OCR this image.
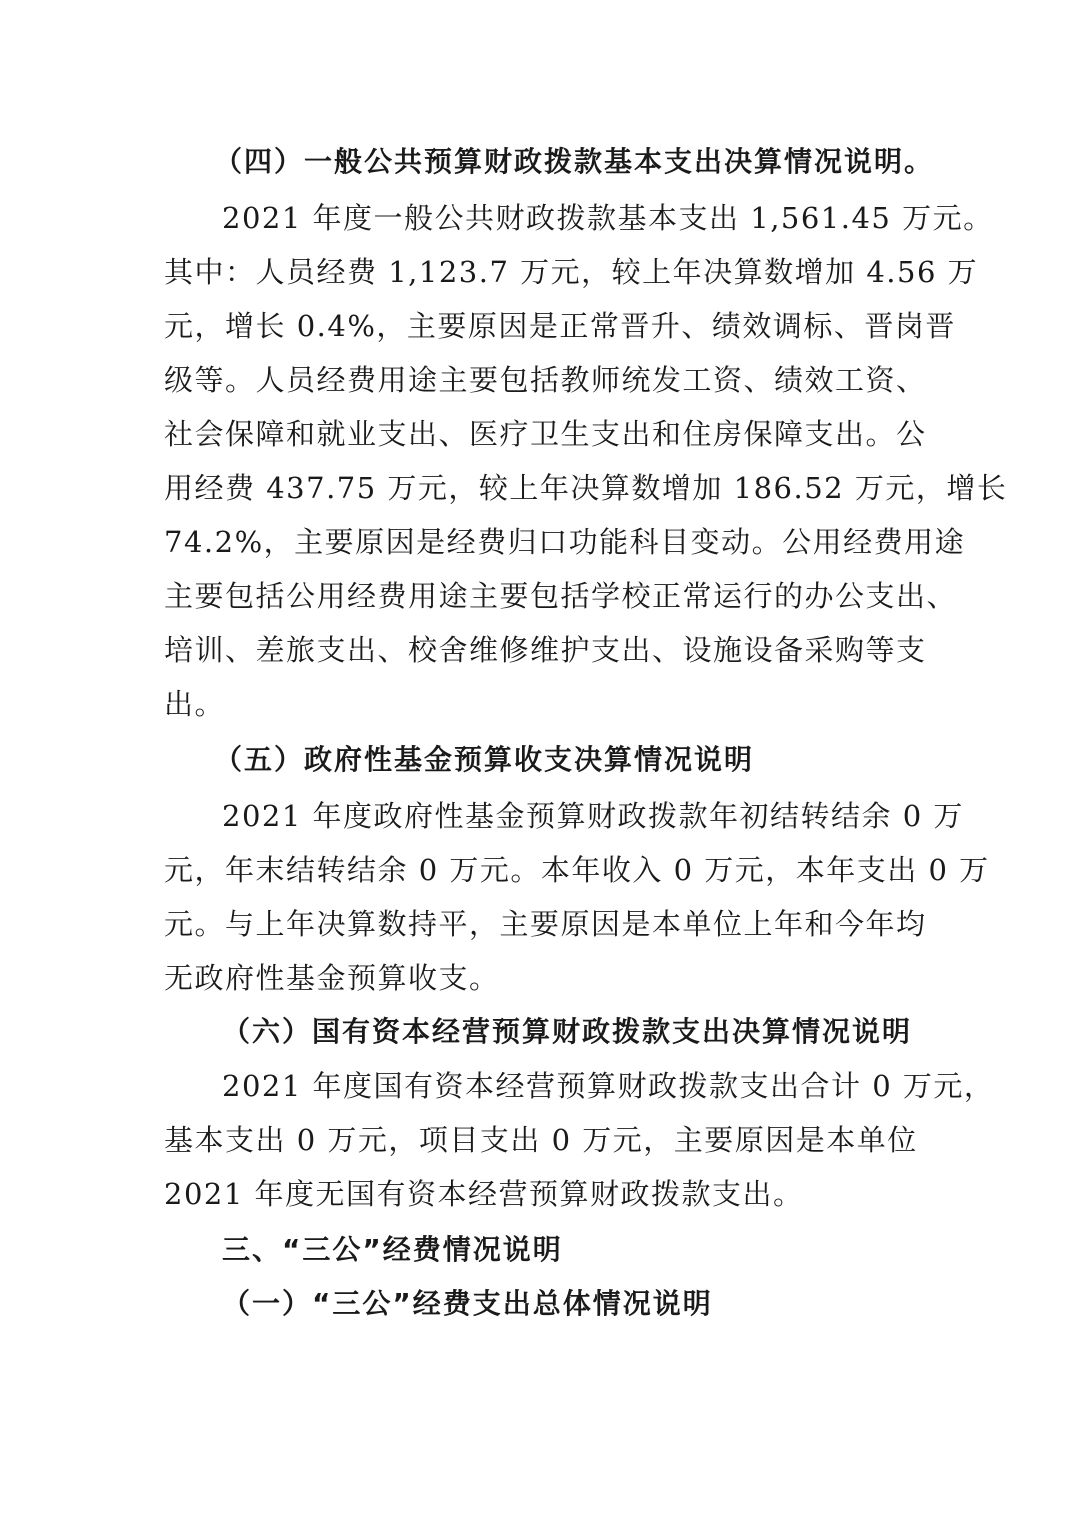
（四）一般公共预算财政拨款基本支出决算情况说明。
2021 年度一般公共财政拨款基本支出 1,561.45 万元。
其中：人员经费 1,123.7 万元，较上年决算数增加 4.56 万
元，增长 0.4%，主要原因是正常晋升、绩效调标、晋岗晋
级等。人员经费用途主要包括教师统发工资、绩效工资、
社会保障和就业支出、医疗卫生支出和住房保障支出。公
用经费 437.75 万元，较上年决算数增加 186.52 万元，增长
74.2%，主要原因是经费归口功能科目变动。公用经费用途
主要包括公用经费用途主要包括学校正常运行的办公支出、
培训、差旅支出、校舍维修维护支出、设施设备采购等支
出。
（五）政府性基金预算收支决算情况说明
2021 年度政府性基金预算财政拨款年初结转结余 0 万
元，年末结转结余 0 万元。本年收入 0 万元，本年支出 0 万
元。与上年决算数持平，主要原因是本单位上年和今年均
无政府性基金预算收支。
（六）国有资本经营预算财政拨款支出决算情况说明
2021 年度国有资本经营预算财政拨款支出合计 0 万元，
基本支出 0 万元，项目支出 0 万元，主要原因是本单位
2021 年度无国有资本经营预算财政拨款支出。
三、“三公”经费情况说明
（一）“三公”经费支出总体情况说明
